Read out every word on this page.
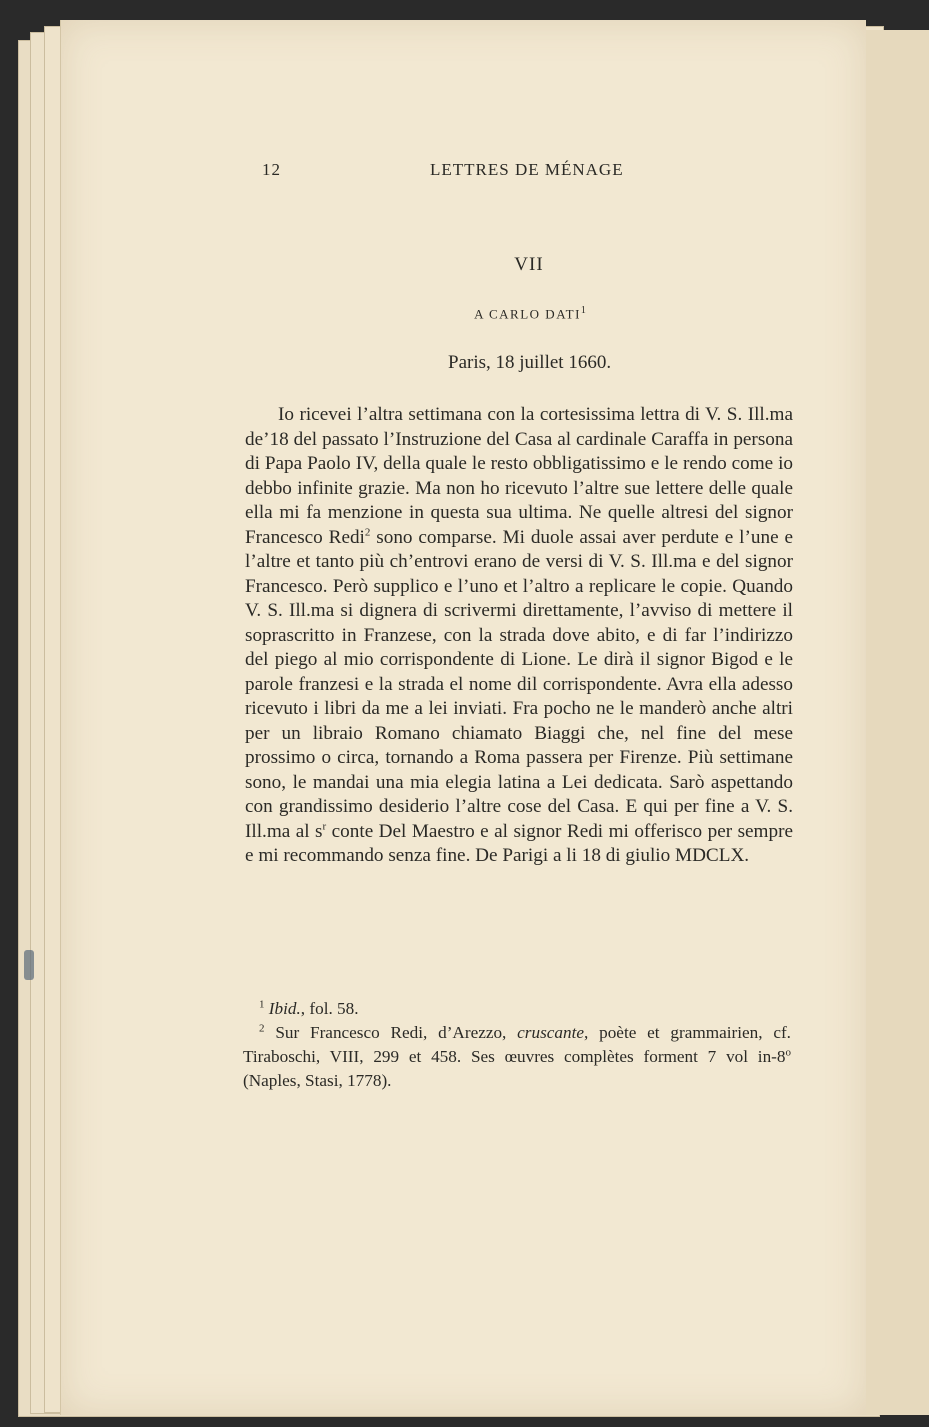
12	LETTRES DE MÉNAGE
VII
A CARLO DATI$^1$
Paris, 18 juillet 1660.

Io ricevei l’altra settimana con la cortesissima lettra di V. S. Ill.ma de’18 del passato l’Instruzione del Casa al cardinale Caraffa in persona di Papa Paolo IV, della quale le resto obbligatissimo e le rendo come io debbo infinite grazie. Ma non ho ricevuto l’altre sue lettere delle quale ella mi fa menzione in questa sua ultima. Ne quelle altresi del signor Francesco Redi$^2$ sono comparse. Mi duole assai aver perdute e l’une e l’altre et tanto più ch’entrovi erano de versi di V. S. Ill.ma e del signor Francesco. Però supplico e l’uno et l’altro a replicare le copie. Quando V. S. Ill.ma si dignera di scrivermi direttamente, l’avviso di mettere il soprascritto in Franzese, con la strada dove abito, e di far l’indirizzo del piego al mio corrispondente di Lione. Le dirà il signor Bigod e le parole franzesi e la strada el nome dil corrispondente. Avra ella adesso ricevuto i libri da me a lei inviati. Fra pocho ne le manderò anche altri per un libraio Romano chiamato Biaggi che, nel fine del mese prossimo o circa, tornando a Roma passera per Firenze. Più settimane sono, le mandai una mia elegia latina a Lei dedicata. Sarò aspettando con grandissimo desiderio l’altre cose del Casa. E qui per fine a V. S. Ill.ma al $s^r$ conte Del Maestro e al signor Redi mi offerisco per sempre e mi recommando senza fine. De Parigi a li 18 di giulio MDCLX.

$^1$ Ibid., fol. 58.

$^2$ Sur Francesco Redi, d’Arezzo, cruscante, poète et grammairien, cf. Tiraboschi, VIII, 299 et 458. Ses œuvres complètes forment 7 vol in-8$^o$ (Naples, Stasi, 1778).
